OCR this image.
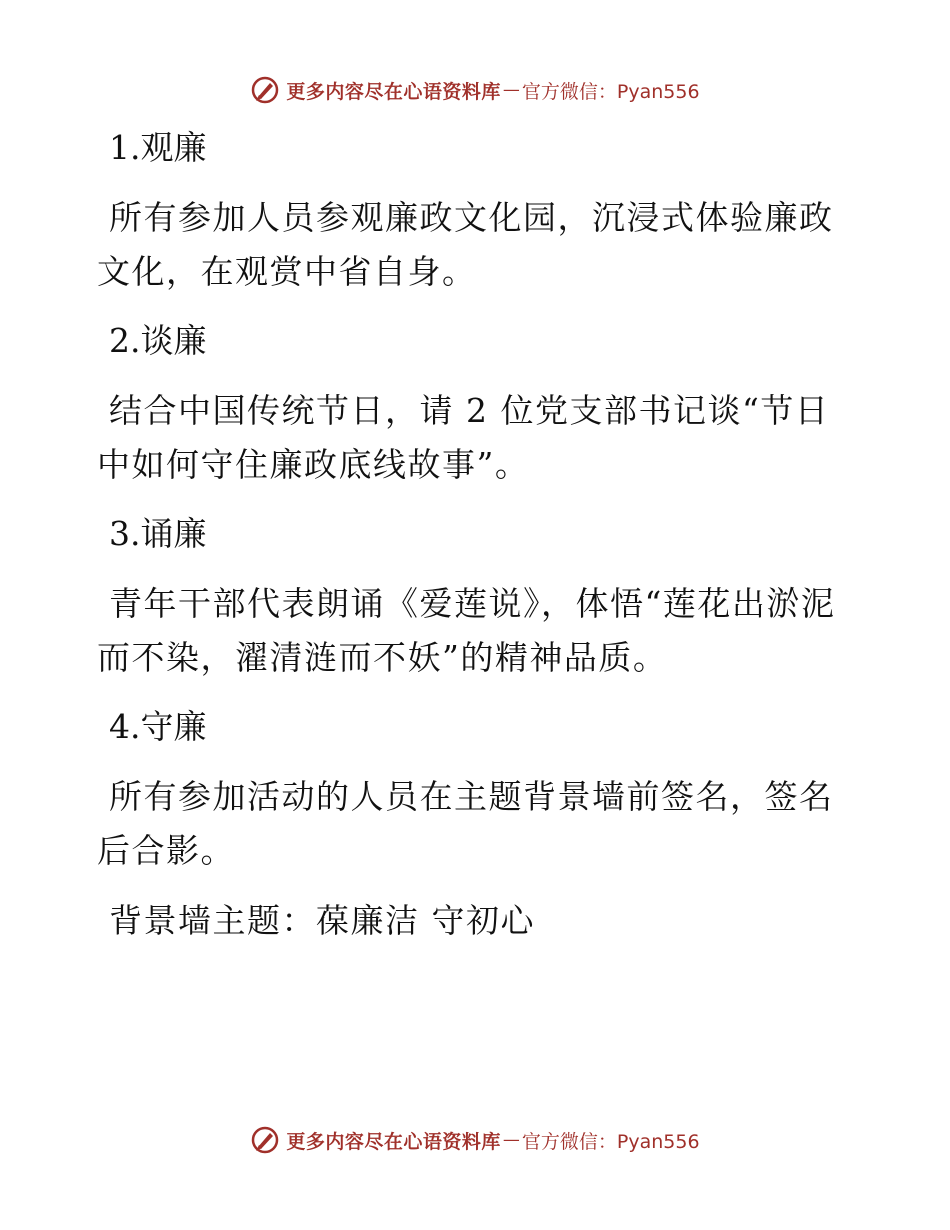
更多内容尽在心语资料库 — 官方微信：Pyan556

1.观廉

所有参加人员参观廉政文化园，沉浸式体验廉政文化，在观赏中省自身。

2.谈廉

结合中国传统节日，请 2 位党支部书记谈“节日中如何守住廉政底线故事”。

3.诵廉

青年干部代表朗诵《爱莲说》，体悟“莲花出淤泥而不染，濯清涟而不妖”的精神品质。

4.守廉

所有参加活动的人员在主题背景墙前签名，签名后合影。

背景墙主题：葆廉洁 守初心

更多内容尽在心语资料库 — 官方微信：Pyan556
